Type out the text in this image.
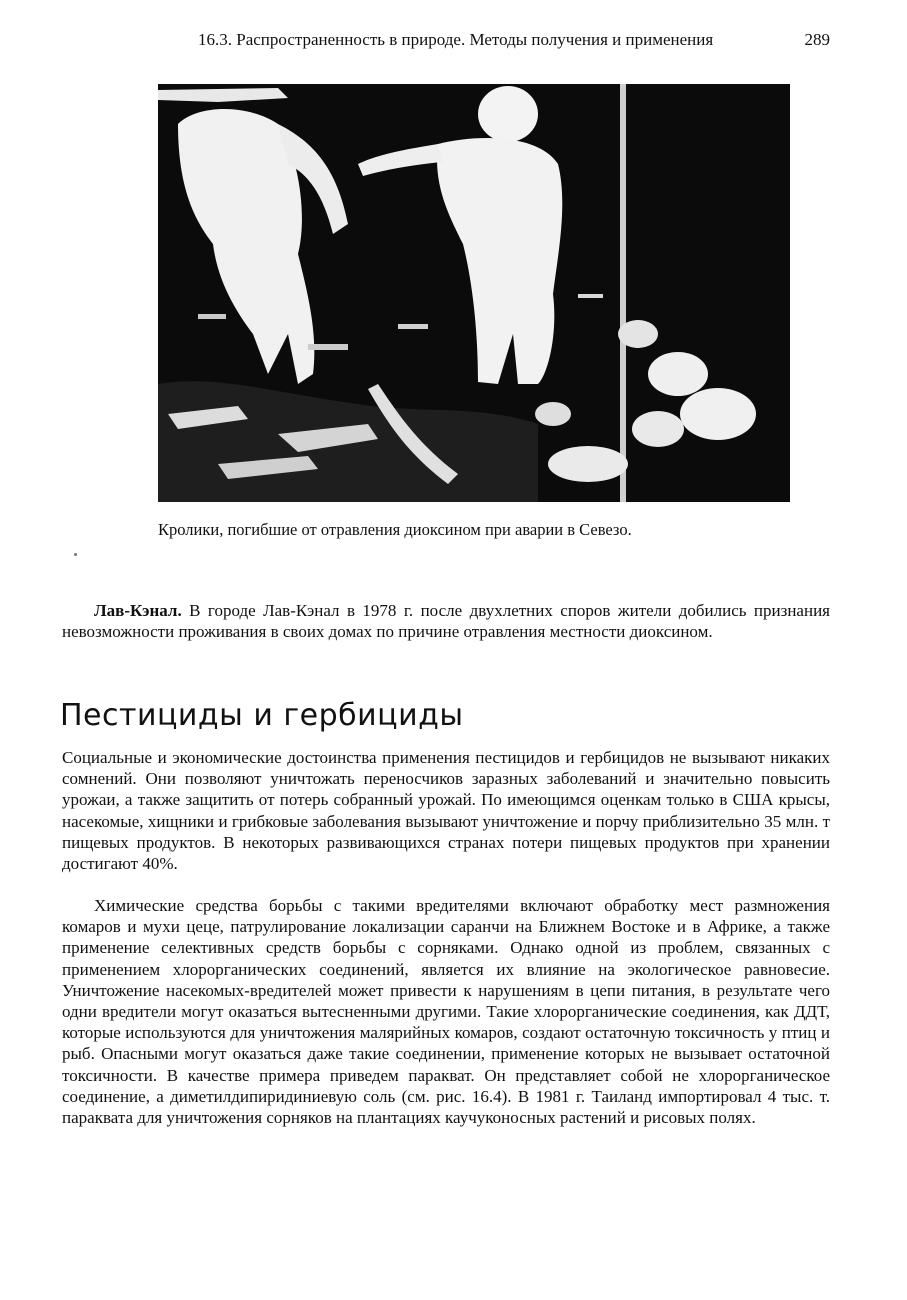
16.3. Распространенность в природе. Методы получения и применения	289
Кролики, погибшие от отравления диоксином при аварии в Севезо.

Лав-Кэнал. В городе Лав-Кэнал в 1978 г. после двухлетних споров жители добились признания невозможности проживания в своих домах по причине отравления местности диоксином.

Пестициды и гербициды

Социальные и экономические достоинства применения пестицидов и гербицидов не вызывают никаких сомнений. Они позволяют уничтожать переносчиков заразных заболеваний и значительно повысить урожаи, а также защитить от потерь собранный урожай. По имеющимся оценкам только в США крысы, насекомые, хищники и грибковые заболевания вызывают уничтожение и порчу приблизительно 35 млн. т пищевых продуктов. В некоторых развивающихся странах потери пищевых продуктов при хранении достигают 40%.

Химические средства борьбы с такими вредителями включают обработку мест размножения комаров и мухи цеце, патрулирование локализации саранчи на Ближнем Востоке и в Африке, а также применение селективных средств борьбы с сорняками. Однако одной из проблем, связанных с применением хлорорганических соединений, является их влияние на экологическое равновесие. Уничтожение насекомых-вредителей может привести к нарушениям в цепи питания, в результате чего одни вредители могут оказаться вытесненными другими. Такие хлорорганические соединения, как ДДТ, которые используются для уничтожения малярийных комаров, создают остаточную токсичность у птиц и рыб. Опасными могут оказаться даже такие соединении, применение которых не вызывает остаточной токсичности. В качестве примера приведем паракват. Он представляет собой не хлорорганическое соединение, а диметилдипиридиниевую соль (см. рис. 16.4). В 1981 г. Таиланд импортировал 4 тыс. т. параквата для уничтожения сорняков на плантациях каучуконосных растений и рисовых полях.
